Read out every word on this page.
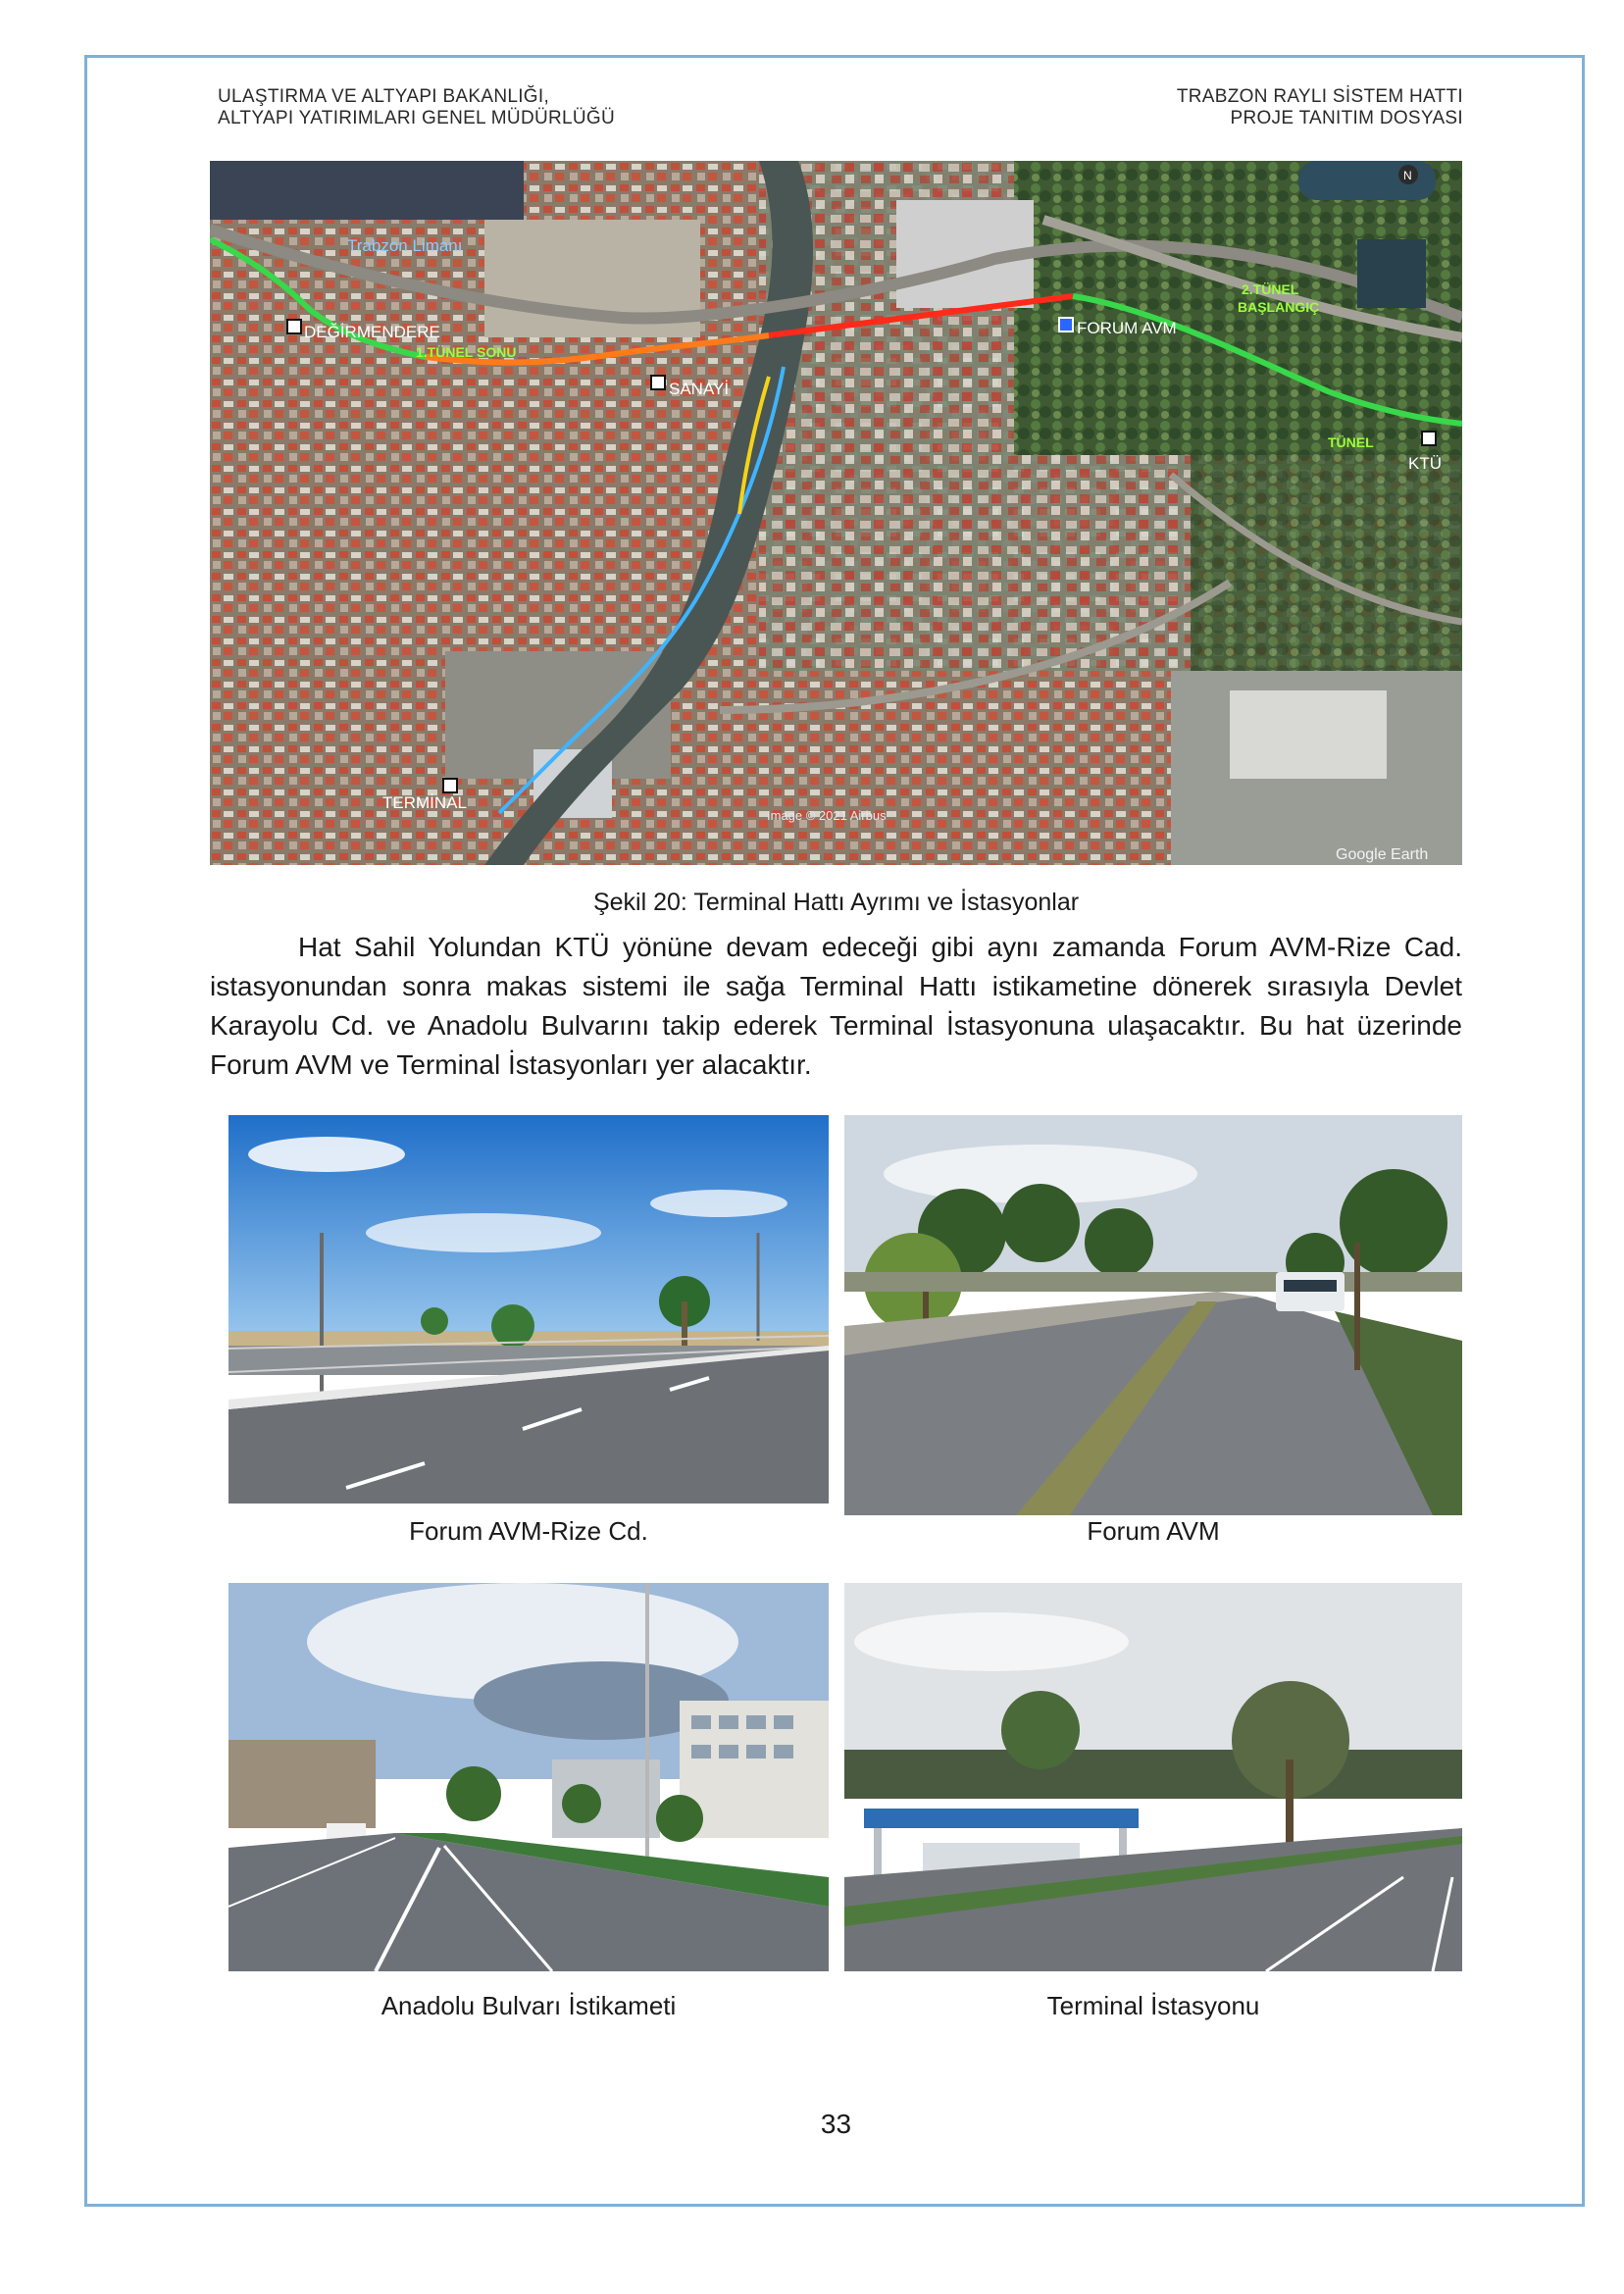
ULAŞTIRMA VE ALTYAPI BAKANLIĞI,
ALTYAPI YATIRIMLARI GENEL MÜDÜRLÜĞÜ
TRABZON RAYLI SİSTEM HATTI
PROJE TANITIM DOSYASI
Trabzon Limanı
DEĞİRMENDERE
1.TÜNEL SONU
SANAYİ
FORUM AVM
2.TÜNEL
BAŞLANGIÇ
TÜNEL
KTÜ
TERMİNAL
Image © 2021 Airbus
Google Earth
N
Şekil 20: Terminal Hattı Ayrımı ve İstasyonlar
Hat Sahil Yolundan KTÜ yönüne devam edeceği gibi aynı zamanda Forum AVM-Rize Cad. istasyonundan sonra makas sistemi ile sağa Terminal Hattı istikametine dönerek sırasıyla Devlet Karayolu Cd. ve Anadolu Bulvarını takip ederek Terminal İstasyonuna ulaşacaktır. Bu hat üzerinde Forum AVM ve Terminal İstasyonları yer alacaktır.
Forum AVM-Rize Cd.	Forum AVM
Anadolu Bulvarı İstikameti	Terminal İstasyonu
33
